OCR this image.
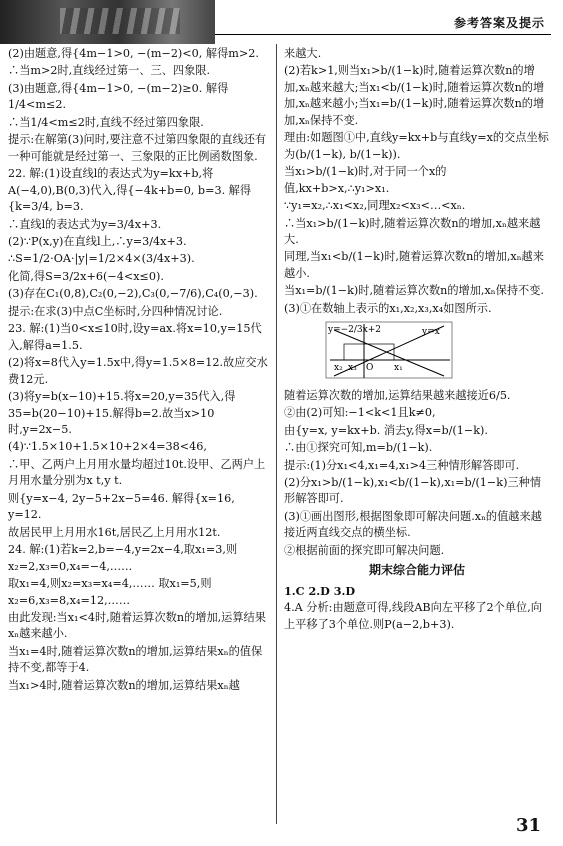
参考答案及提示

(2)由题意,得{4m−1>0, −(m−2)<0, 解得m>2.

∴当m>2时,直线经过第一、三、四象限.

(3)由题意,得{4m−1>0, −(m−2)≥0. 解得1/4<m≤2.

∴当1/4<m≤2时,直线不经过第四象限.

提示:在解第(3)问时,要注意不过第四象限的直线还有一种可能就是经过第一、三象限的正比例函数图象.

22. 解:(1)设直线l的表达式为y=kx+b,将A(−4,0),B(0,3)代入,得{−4k+b=0, b=3. 解得{k=3/4, b=3.

∴直线l的表达式为y=3/4x+3.

(2)∵P(x,y)在直线l上,∴y=3/4x+3.

∴S=1/2·OA·|y|=1/2×4×(3/4x+3).

化简,得S=3/2x+6(−4<x≤0).

(3)存在C₁(0,8),C₂(0,−2),C₃(0,−7/6),C₄(0,−3).

提示:在求(3)中点C坐标时,分四种情况讨论.

23. 解:(1)当0<x≤10时,设y=ax.将x=10,y=15代入,解得a=1.5.

(2)将x=8代入y=1.5x中,得y=1.5×8=12.故应交水费12元.

(3)将y=b(x−10)+15.将x=20,y=35代入,得35=b(20−10)+15.解得b=2.故当x>10时,y=2x−5.

(4)∵1.5×10+1.5×10+2×4=38<46,

∴甲、乙两户上月用水量均超过10t.设甲、乙两户上月用水量分别为x t,y t.

则{y=x−4, 2y−5+2x−5=46. 解得{x=16, y=12.

故居民甲上月用水16t,居民乙上月用水12t.

24. 解:(1)若k=2,b=−4,y=2x−4,取x₁=3,则x₂=2,x₃=0,x₄=−4,……

取x₁=4,则x₂=x₃=x₄=4,…… 取x₁=5,则x₂=6,x₃=8,x₄=12,……

由此发现:当x₁<4时,随着运算次数n的增加,运算结果xₙ越来越小.

当x₁=4时,随着运算次数n的增加,运算结果xₙ的值保持不变,都等于4.

当x₁>4时,随着运算次数n的增加,运算结果xₙ越

来越大.

(2)若k>1,则当x₁>b/(1−k)时,随着运算次数n的增加,xₙ越来越大;当x₁<b/(1−k)时,随着运算次数n的增加,xₙ越来越小;当x₁=b/(1−k)时,随着运算次数n的增加,xₙ保持不变.

理由:如题图①中,直线y=kx+b与直线y=x的交点坐标为(b/(1−k), b/(1−k)).

当x₁>b/(1−k)时,对于同一个x的值,kx+b>x,∴y₁>x₁.

∵y₁=x₂,∴x₁<x₂,同理x₂<x₃<…<xₙ.

∴当x₁>b/(1−k)时,随着运算次数n的增加,xₙ越来越大.

同理,当x₁<b/(1−k)时,随着运算次数n的增加,xₙ越来越小.

当x₁=b/(1−k)时,随着运算次数n的增加,xₙ保持不变.

(3)①在数轴上表示的x₁,x₂,x₃,x₄如图所示.

y=−2/3x+2	y=x
x₂ x₃ O x₁

随着运算次数的增加,运算结果越来越接近6/5.

②由(2)可知:−1<k<1且k≠0,

由{y=x, y=kx+b. 消去y,得x=b/(1−k).

∴由①探究可知,m=b/(1−k).

提示:(1)分x₁<4,x₁=4,x₁>4三种情形解答即可.

(2)分x₁>b/(1−k),x₁<b/(1−k),x₁=b/(1−k)三种情形解答即可.

(3)①画出图形,根据图象即可解决问题.xₙ的值越来越接近两直线交点的横坐标.

②根据前面的探究即可解决问题.

期末综合能力评估

1.C 2.D 3.D

4.A 分析:由题意可得,线段AB向左平移了2个单位,向上平移了3个单位.则P(a−2,b+3).

31
